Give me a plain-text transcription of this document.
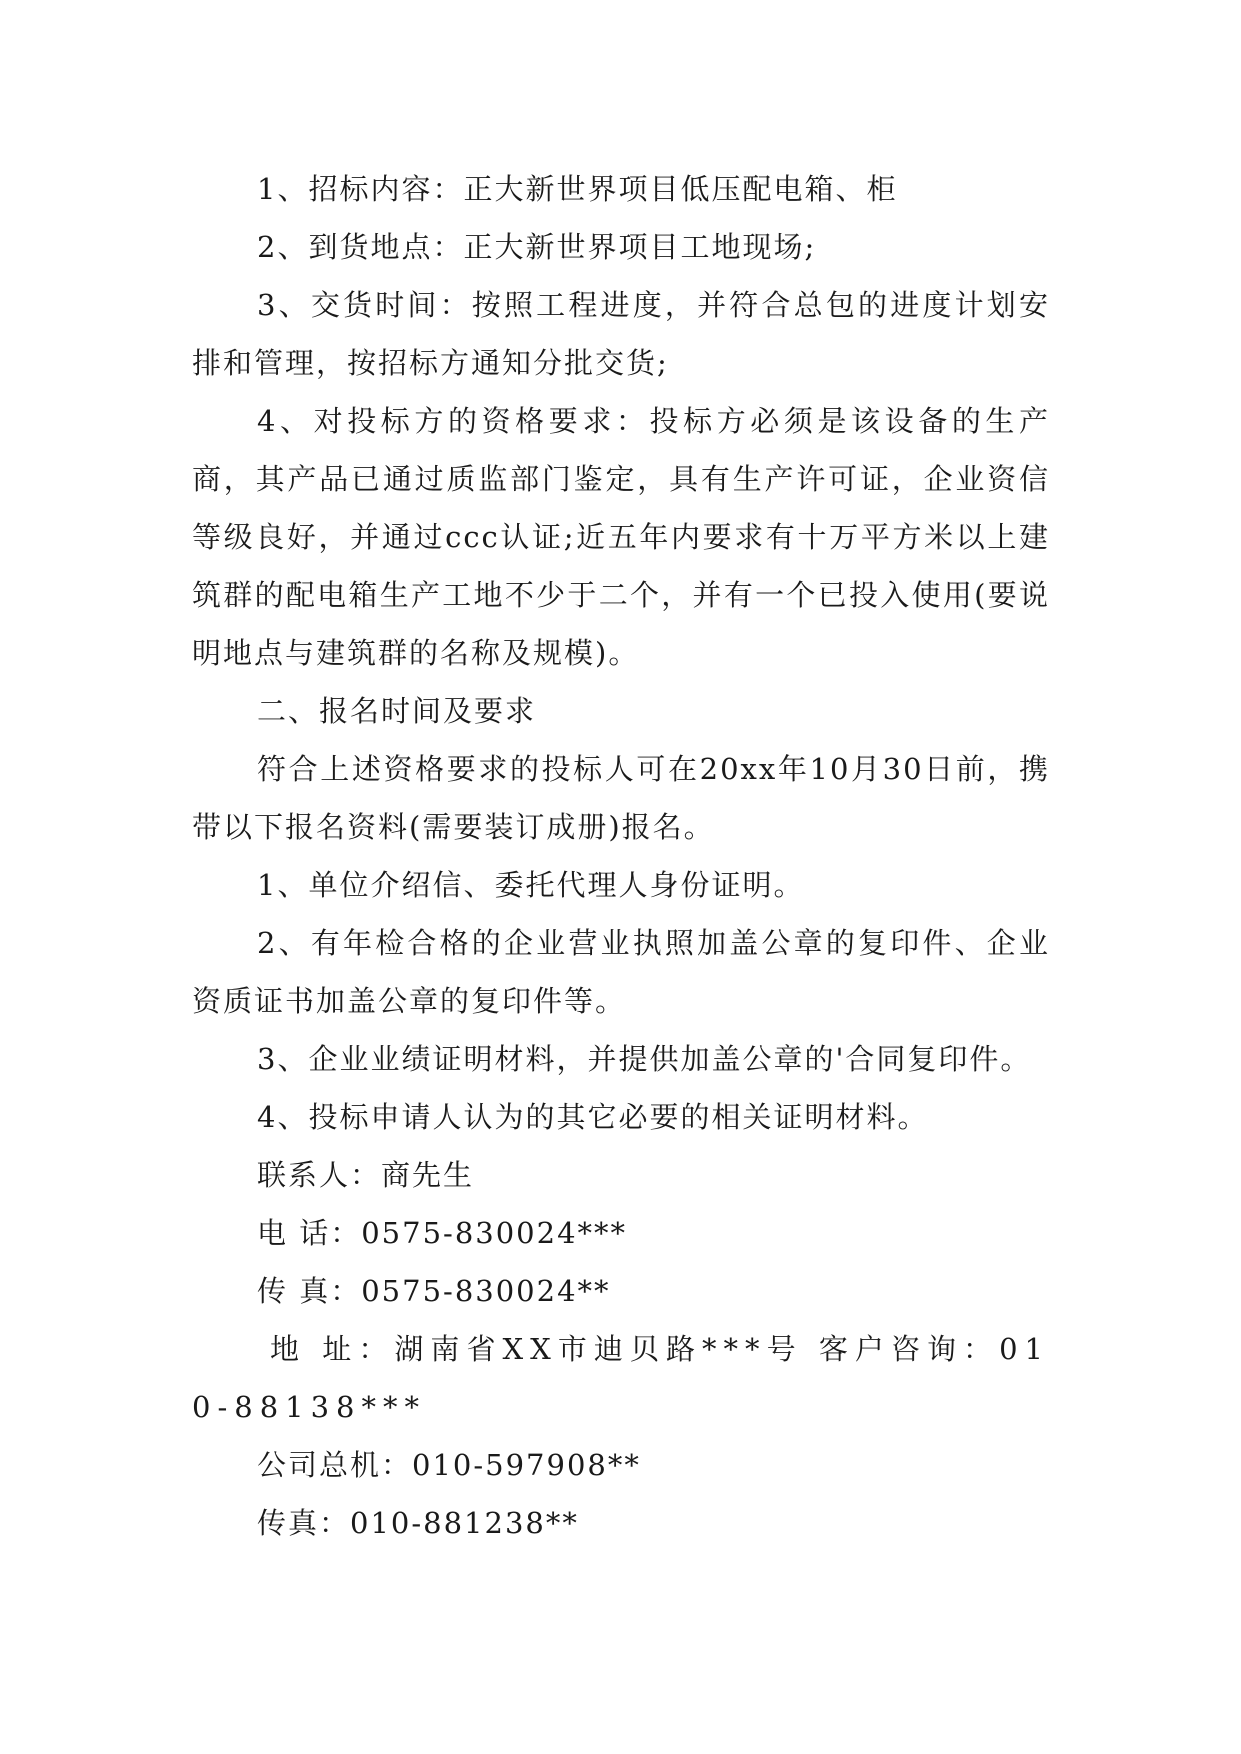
1、招标内容：正大新世界项目低压配电箱、柜

2、到货地点：正大新世界项目工地现场;

3、交货时间：按照工程进度，并符合总包的进度计划安排和管理，按招标方通知分批交货;

4、对投标方的资格要求：投标方必须是该设备的生产商，其产品已通过质监部门鉴定，具有生产许可证，企业资信等级良好，并通过ccc认证;近五年内要求有十万平方米以上建筑群的配电箱生产工地不少于二个，并有一个已投入使用(要说明地点与建筑群的名称及规模)。

二、报名时间及要求

符合上述资格要求的投标人可在20xx年10月30日前，携带以下报名资料(需要装订成册)报名。

1、单位介绍信、委托代理人身份证明。

2、有年检合格的企业营业执照加盖公章的复印件、企业资质证书加盖公章的复印件等。

3、企业业绩证明材料，并提供加盖公章的'合同复印件。

4、投标申请人认为的其它必要的相关证明材料。

联系人：商先生

电 话：0575-830024***

传 真：0575-830024**

地 址：湖南省XX市迪贝路***号 客户咨询：010-88138***

公司总机：010-597908**

传真：010-881238**
